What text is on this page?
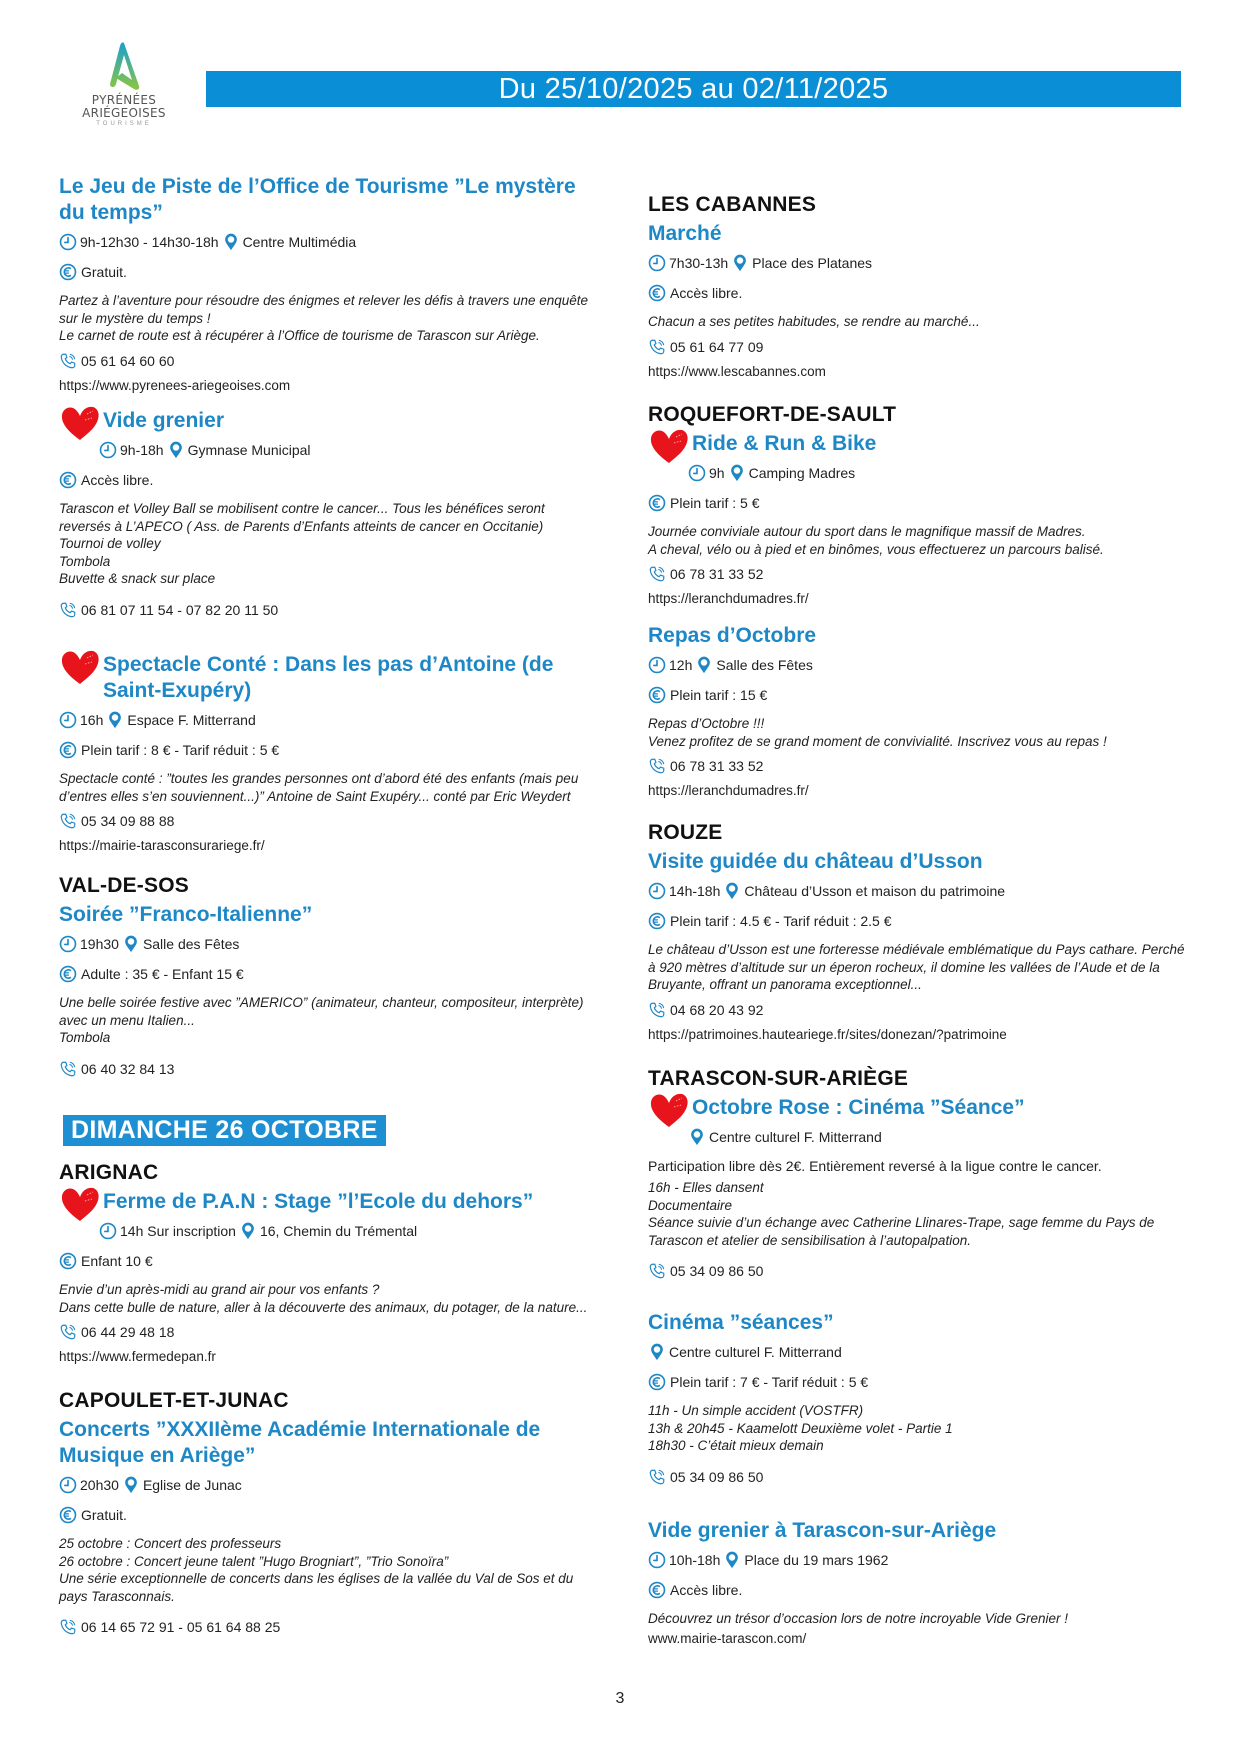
PYRÉNÉES
ARIÉGEOISES
TOURISME
Du 25/10/2025 au 02/11/2025
Le Jeu de Piste de l’Office de Tourisme ”Le mystère du temps”
9h-12h30 - 14h30-18h Centre Multimédia
Gratuit.
Partez à l’aventure pour résoudre des énigmes et relever les défis à travers une enquête sur le mystère du temps !
Le carnet de route est à récupérer à l’Office de tourisme de Tarascon sur Ariège.
05 61 64 60 60
https://www.pyrenees-ariegeoises.com
Vide grenier
9h-18h Gymnase Municipal
Accès libre.
Tarascon et Volley Ball se mobilisent contre le cancer... Tous les bénéfices seront reversés à L’APECO ( Ass. de Parents d’Enfants atteints de cancer en Occitanie)
Tournoi de volley
Tombola
Buvette & snack sur place
06 81 07 11 54 - 07 82 20 11 50
Spectacle Conté : Dans les pas d’Antoine (de Saint-Exupéry)
16h Espace F. Mitterrand
Plein tarif : 8 € - Tarif réduit : 5 €
Spectacle conté : ”toutes les grandes personnes ont d’abord été des enfants (mais peu d’entres elles s’en souviennent...)” Antoine de Saint Exupéry... conté par Eric Weydert
05 34 09 88 88
https://mairie-tarasconsurariege.fr/
VAL-DE-SOS
Soirée ”Franco-Italienne”
19h30 Salle des Fêtes
Adulte : 35 € - Enfant 15 €
Une belle soirée festive avec ”AMERICO” (animateur, chanteur, compositeur, interprète) avec un menu Italien...
Tombola
06 40 32 84 13
ARIGNAC
Ferme de P.A.N : Stage ”l’Ecole du dehors”
14h Sur inscription 16, Chemin du Trémental
Enfant 10 €
Envie d’un après-midi au grand air pour vos enfants ?
Dans cette bulle de nature, aller à la découverte des animaux, du potager, de la nature...
06 44 29 48 18
https://www.fermedepan.fr
CAPOULET-ET-JUNAC
Concerts ”XXXIIème Académie Internationale de Musique en Ariège”
20h30 Eglise de Junac
Gratuit.
25 octobre : Concert des professeurs
26 octobre : Concert jeune talent ”Hugo Brogniart”, ”Trio Sonoïra”
Une série exceptionnelle de concerts dans les églises de la vallée du Val de Sos et du pays Tarasconnais.
06 14 65 72 91 - 05 61 64 88 25
DIMANCHE 26 OCTOBRE
LES CABANNES
Marché
7h30-13h Place des Platanes
Accès libre.
Chacun a ses petites habitudes, se rendre au marché...
05 61 64 77 09
https://www.lescabannes.com
ROQUEFORT-DE-SAULT
Ride & Run & Bike
9h Camping Madres
Plein tarif : 5 €
Journée conviviale autour du sport dans le magnifique massif de Madres.
A cheval, vélo ou à pied et en binômes, vous effectuerez un parcours balisé.
06 78 31 33 52
https://leranchdumadres.fr/
Repas d’Octobre
12h Salle des Fêtes
Plein tarif : 15 €
Repas d’Octobre !!!
Venez profitez de se grand moment de convivialité. Inscrivez vous au repas !
06 78 31 33 52
https://leranchdumadres.fr/
ROUZE
Visite guidée du château d’Usson
14h-18h Château d’Usson et maison du patrimoine
Plein tarif : 4.5 € - Tarif réduit : 2.5 €
Le château d’Usson est une forteresse médiévale emblématique du Pays cathare. Perché à 920 mètres d’altitude sur un éperon rocheux, il domine les vallées de l’Aude et de la Bruyante, offrant un panorama exceptionnel...
04 68 20 43 92
https://patrimoines.hauteariege.fr/sites/donezan/?patrimoine
TARASCON-SUR-ARIÈGE
Octobre Rose : Cinéma ”Séance”
Centre culturel F. Mitterrand
Participation libre dès 2€. Entièrement reversé à la ligue contre le cancer.
16h - Elles dansent
Documentaire
Séance suivie d’un échange avec Catherine Llinares-Trape, sage femme du Pays de Tarascon et atelier de sensibilisation à l’autopalpation.
05 34 09 86 50
Cinéma ”séances”
Centre culturel F. Mitterrand
Plein tarif : 7 € - Tarif réduit : 5 €
11h - Un simple accident (VOSTFR)
13h & 20h45 - Kaamelott Deuxième volet - Partie 1
18h30 - C’était mieux demain
05 34 09 86 50
Vide grenier à Tarascon-sur-Ariège
10h-18h Place du 19 mars 1962
Accès libre.
Découvrez un trésor d’occasion lors de notre incroyable Vide Grenier !
www.mairie-tarascon.com/
3
